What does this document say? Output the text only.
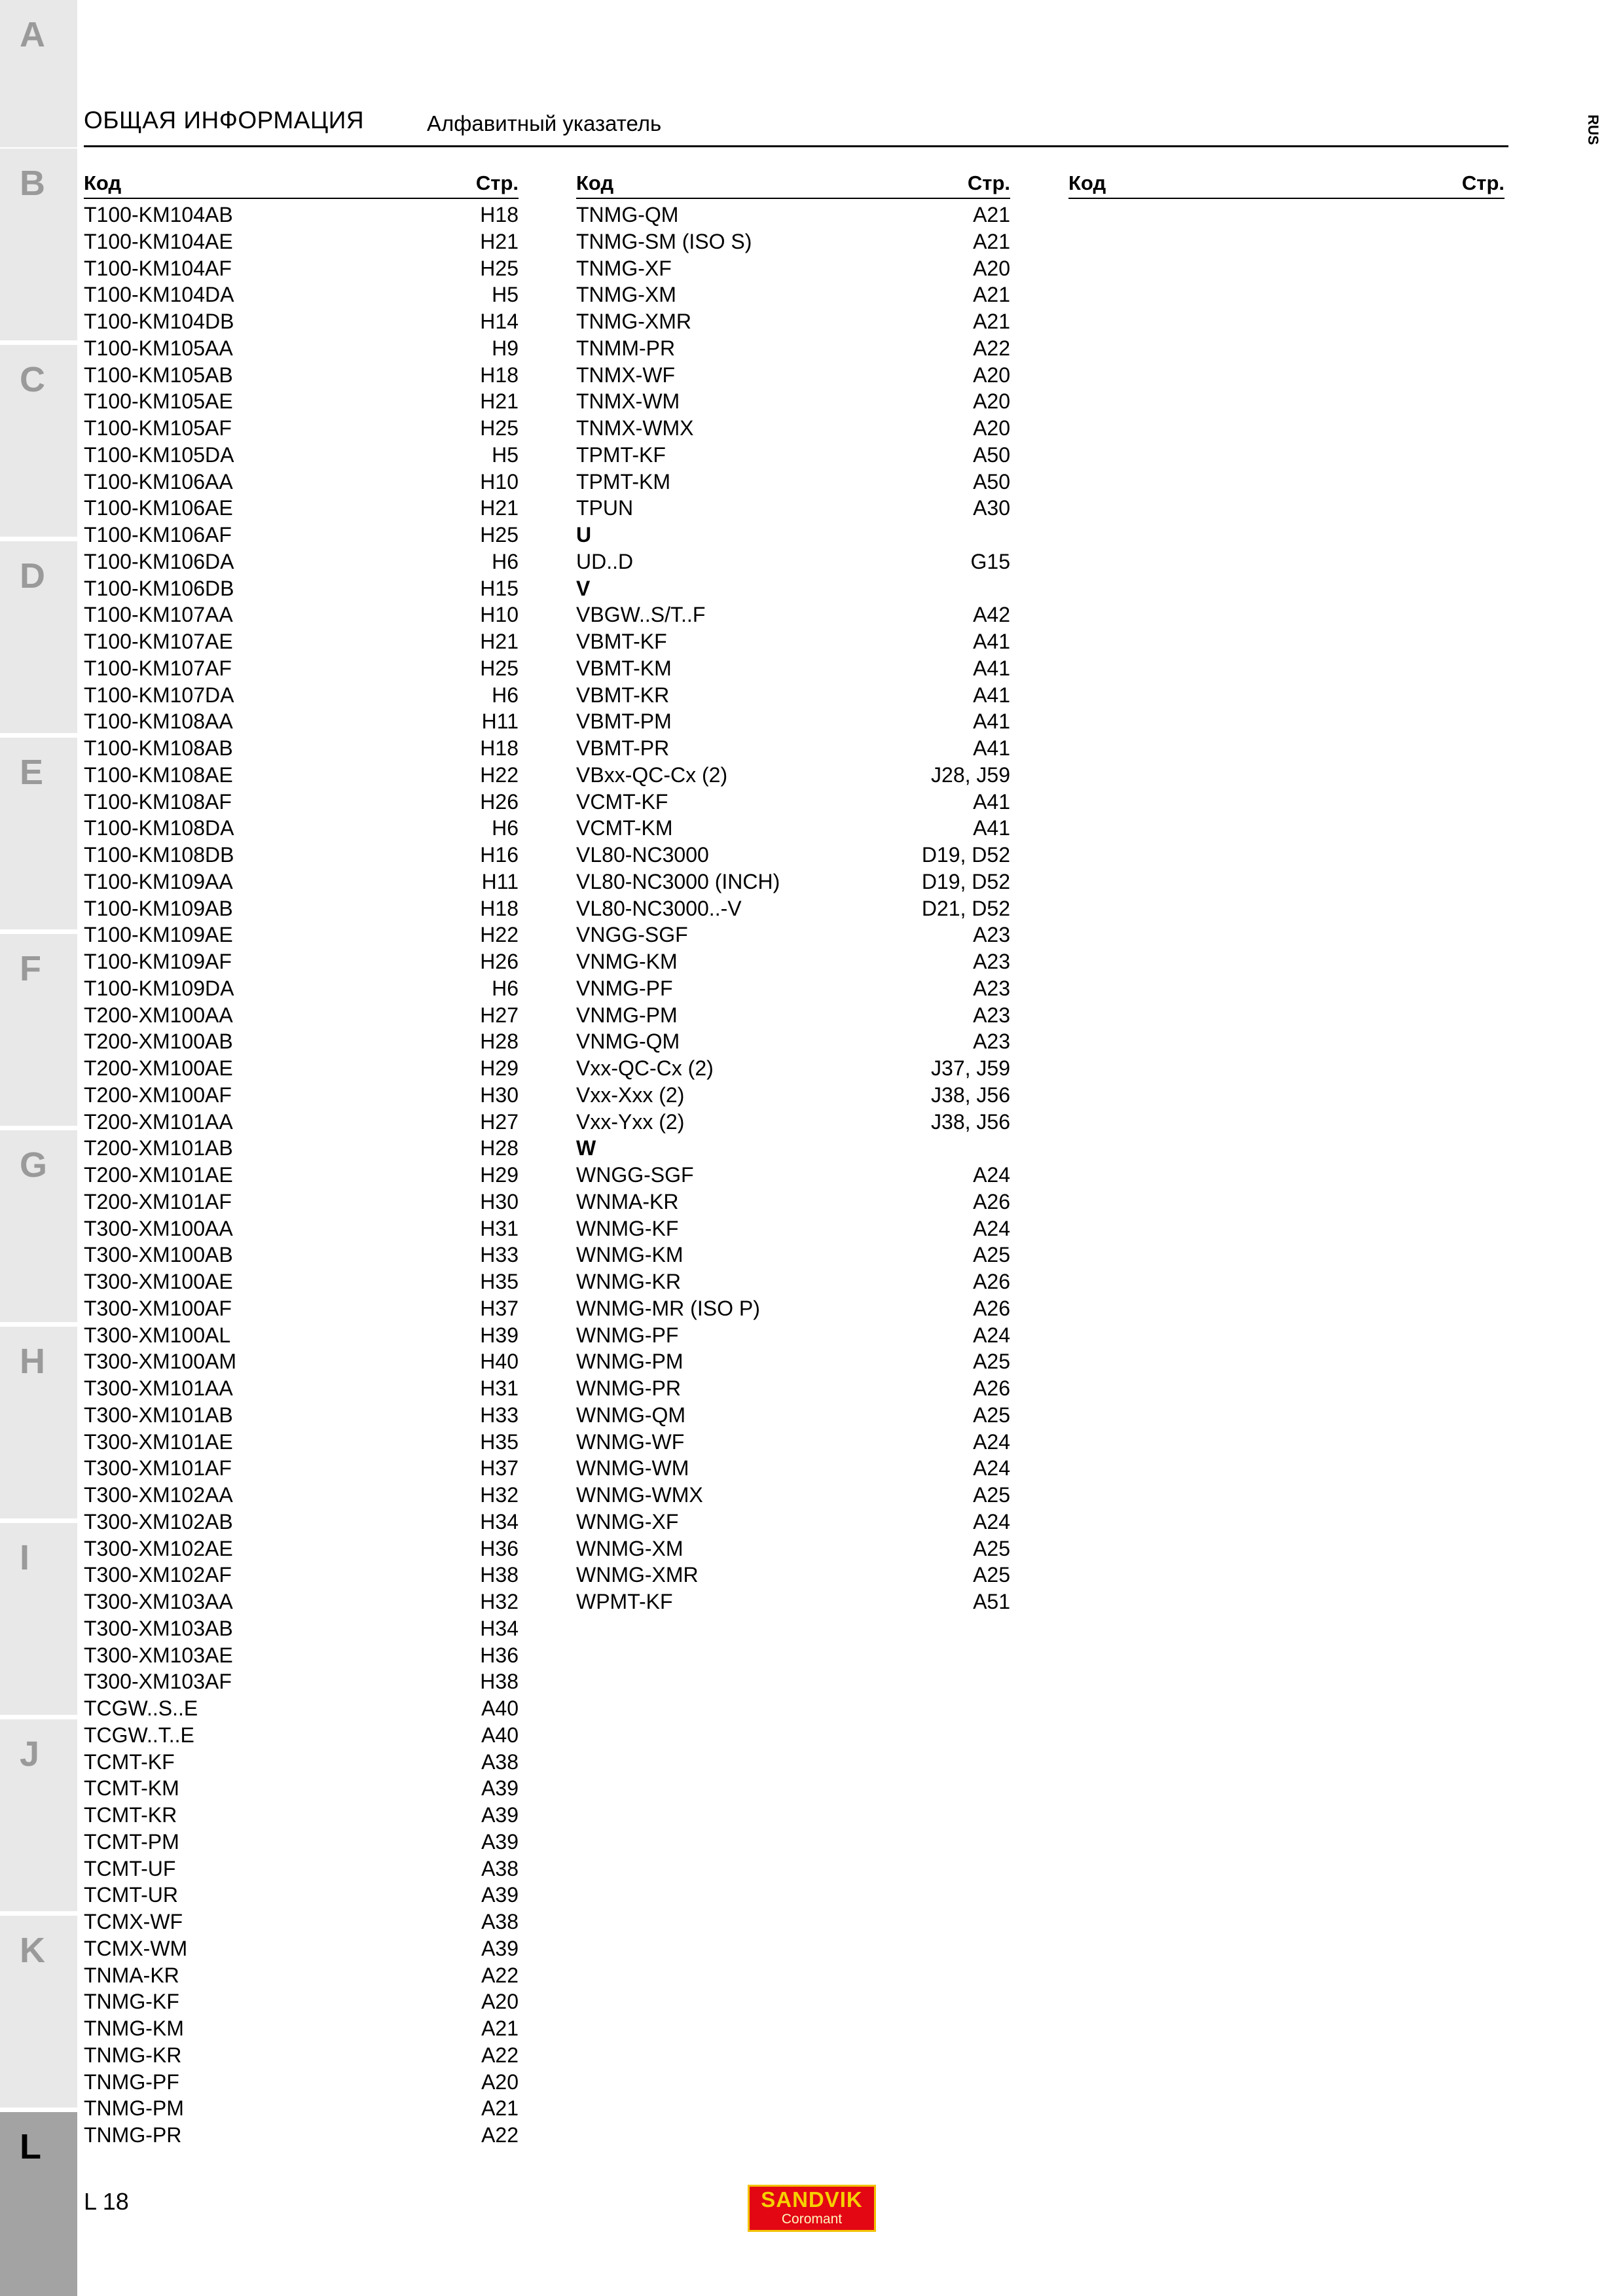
A
B
C
D
E
F
G
H
I
J
K
L
ОБЩАЯ ИНФОРМАЦИЯ	Алфавитный указатель	RUS
Код	Стр.
T100-KM104AB	H18
T100-KM104AE	H21
T100-KM104AF	H25
T100-KM104DA	H5
T100-KM104DB	H14
T100-KM105AA	H9
T100-KM105AB	H18
T100-KM105AE	H21
T100-KM105AF	H25
T100-KM105DA	H5
T100-KM106AA	H10
T100-KM106AE	H21
T100-KM106AF	H25
T100-KM106DA	H6
T100-KM106DB	H15
T100-KM107AA	H10
T100-KM107AE	H21
T100-KM107AF	H25
T100-KM107DA	H6
T100-KM108AA	H11
T100-KM108AB	H18
T100-KM108AE	H22
T100-KM108AF	H26
T100-KM108DA	H6
T100-KM108DB	H16
T100-KM109AA	H11
T100-KM109AB	H18
T100-KM109AE	H22
T100-KM109AF	H26
T100-KM109DA	H6
T200-XM100AA	H27
T200-XM100AB	H28
T200-XM100AE	H29
T200-XM100AF	H30
T200-XM101AA	H27
T200-XM101AB	H28
T200-XM101AE	H29
T200-XM101AF	H30
T300-XM100AA	H31
T300-XM100AB	H33
T300-XM100AE	H35
T300-XM100AF	H37
T300-XM100AL	H39
T300-XM100AM	H40
T300-XM101AA	H31
T300-XM101AB	H33
T300-XM101AE	H35
T300-XM101AF	H37
T300-XM102AA	H32
T300-XM102AB	H34
T300-XM102AE	H36
T300-XM102AF	H38
T300-XM103AA	H32
T300-XM103AB	H34
T300-XM103AE	H36
T300-XM103AF	H38
TCGW..S..E	A40
TCGW..T..E	A40
TCMT-KF	A38
TCMT-KM	A39
TCMT-KR	A39
TCMT-PM	A39
TCMT-UF	A38
TCMT-UR	A39
TCMX-WF	A38
TCMX-WM	A39
TNMA-KR	A22
TNMG-KF	A20
TNMG-KM	A21
TNMG-KR	A22
TNMG-PF	A20
TNMG-PM	A21
TNMG-PR	A22
Код	Стр.
TNMG-QM	A21
TNMG-SM (ISO S)	A21
TNMG-XF	A20
TNMG-XM	A21
TNMG-XMR	A21
TNMM-PR	A22
TNMX-WF	A20
TNMX-WM	A20
TNMX-WMX	A20
TPMT-KF	A50
TPMT-KM	A50
TPUN	A30
U
UD..D	G15
V
VBGW..S/T..F	A42
VBMT-KF	A41
VBMT-KM	A41
VBMT-KR	A41
VBMT-PM	A41
VBMT-PR	A41
VBxx-QC-Cx (2)	J28, J59
VCMT-KF	A41
VCMT-KM	A41
VL80-NC3000	D19, D52
VL80-NC3000 (INCH)	D19, D52
VL80-NC3000..-V	D21, D52
VNGG-SGF	A23
VNMG-KM	A23
VNMG-PF	A23
VNMG-PM	A23
VNMG-QM	A23
Vxx-QC-Cx (2)	J37, J59
Vxx-Xxx (2)	J38, J56
Vxx-Yxx (2)	J38, J56
W
WNGG-SGF	A24
WNMA-KR	A26
WNMG-KF	A24
WNMG-KM	A25
WNMG-KR	A26
WNMG-MR (ISO P)	A26
WNMG-PF	A24
WNMG-PM	A25
WNMG-PR	A26
WNMG-QM	A25
WNMG-WF	A24
WNMG-WM	A24
WNMG-WMX	A25
WNMG-XF	A24
WNMG-XM	A25
WNMG-XMR	A25
WPMT-KF	A51
Код	Стр.
L 18	SANDVIK
Coromant
